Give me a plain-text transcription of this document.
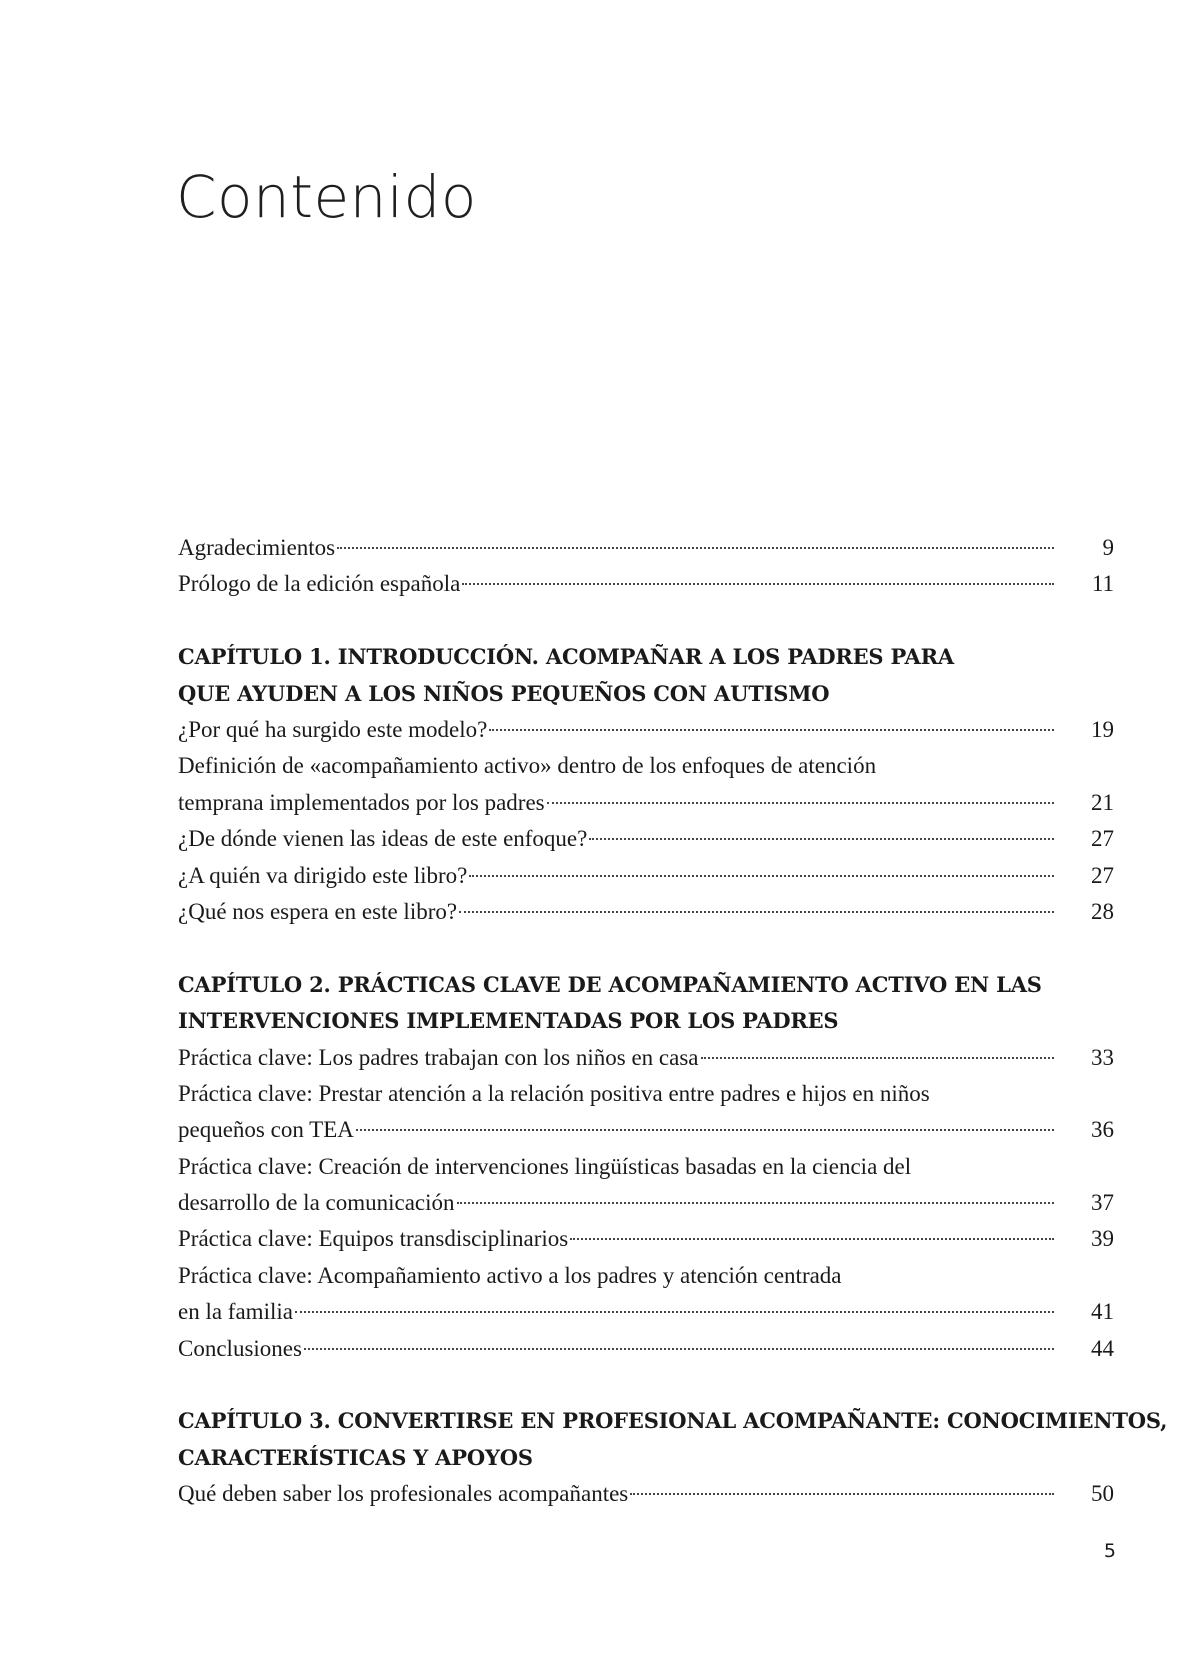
Contenido
Agradecimientos	9
Prólogo de la edición española	11
CAPÍTULO 1. INTRODUCCIÓN. ACOMPAÑAR A LOS PADRES PARA
QUE AYUDEN A LOS NIÑOS PEQUEÑOS CON AUTISMO
¿Por qué ha surgido este modelo?	19
Definición de «acompañamiento activo» dentro de los enfoques de atención
temprana implementados por los padres	21
¿De dónde vienen las ideas de este enfoque?	27
¿A quién va dirigido este libro?	27
¿Qué nos espera en este libro?	28
CAPÍTULO 2. PRÁCTICAS CLAVE DE ACOMPAÑAMIENTO ACTIVO EN LAS
INTERVENCIONES IMPLEMENTADAS POR LOS PADRES
Práctica clave: Los padres trabajan con los niños en casa	33
Práctica clave: Prestar atención a la relación positiva entre padres e hijos en niños
pequeños con TEA	36
Práctica clave: Creación de intervenciones lingüísticas basadas en la ciencia del
desarrollo de la comunicación	37
Práctica clave: Equipos transdisciplinarios	39
Práctica clave: Acompañamiento activo a los padres y atención centrada
en la familia	41
Conclusiones	44
CAPÍTULO 3. CONVERTIRSE EN PROFESIONAL ACOMPAÑANTE: CONOCIMIENTOS,
CARACTERÍSTICAS Y APOYOS
Qué deben saber los profesionales acompañantes	50
5
